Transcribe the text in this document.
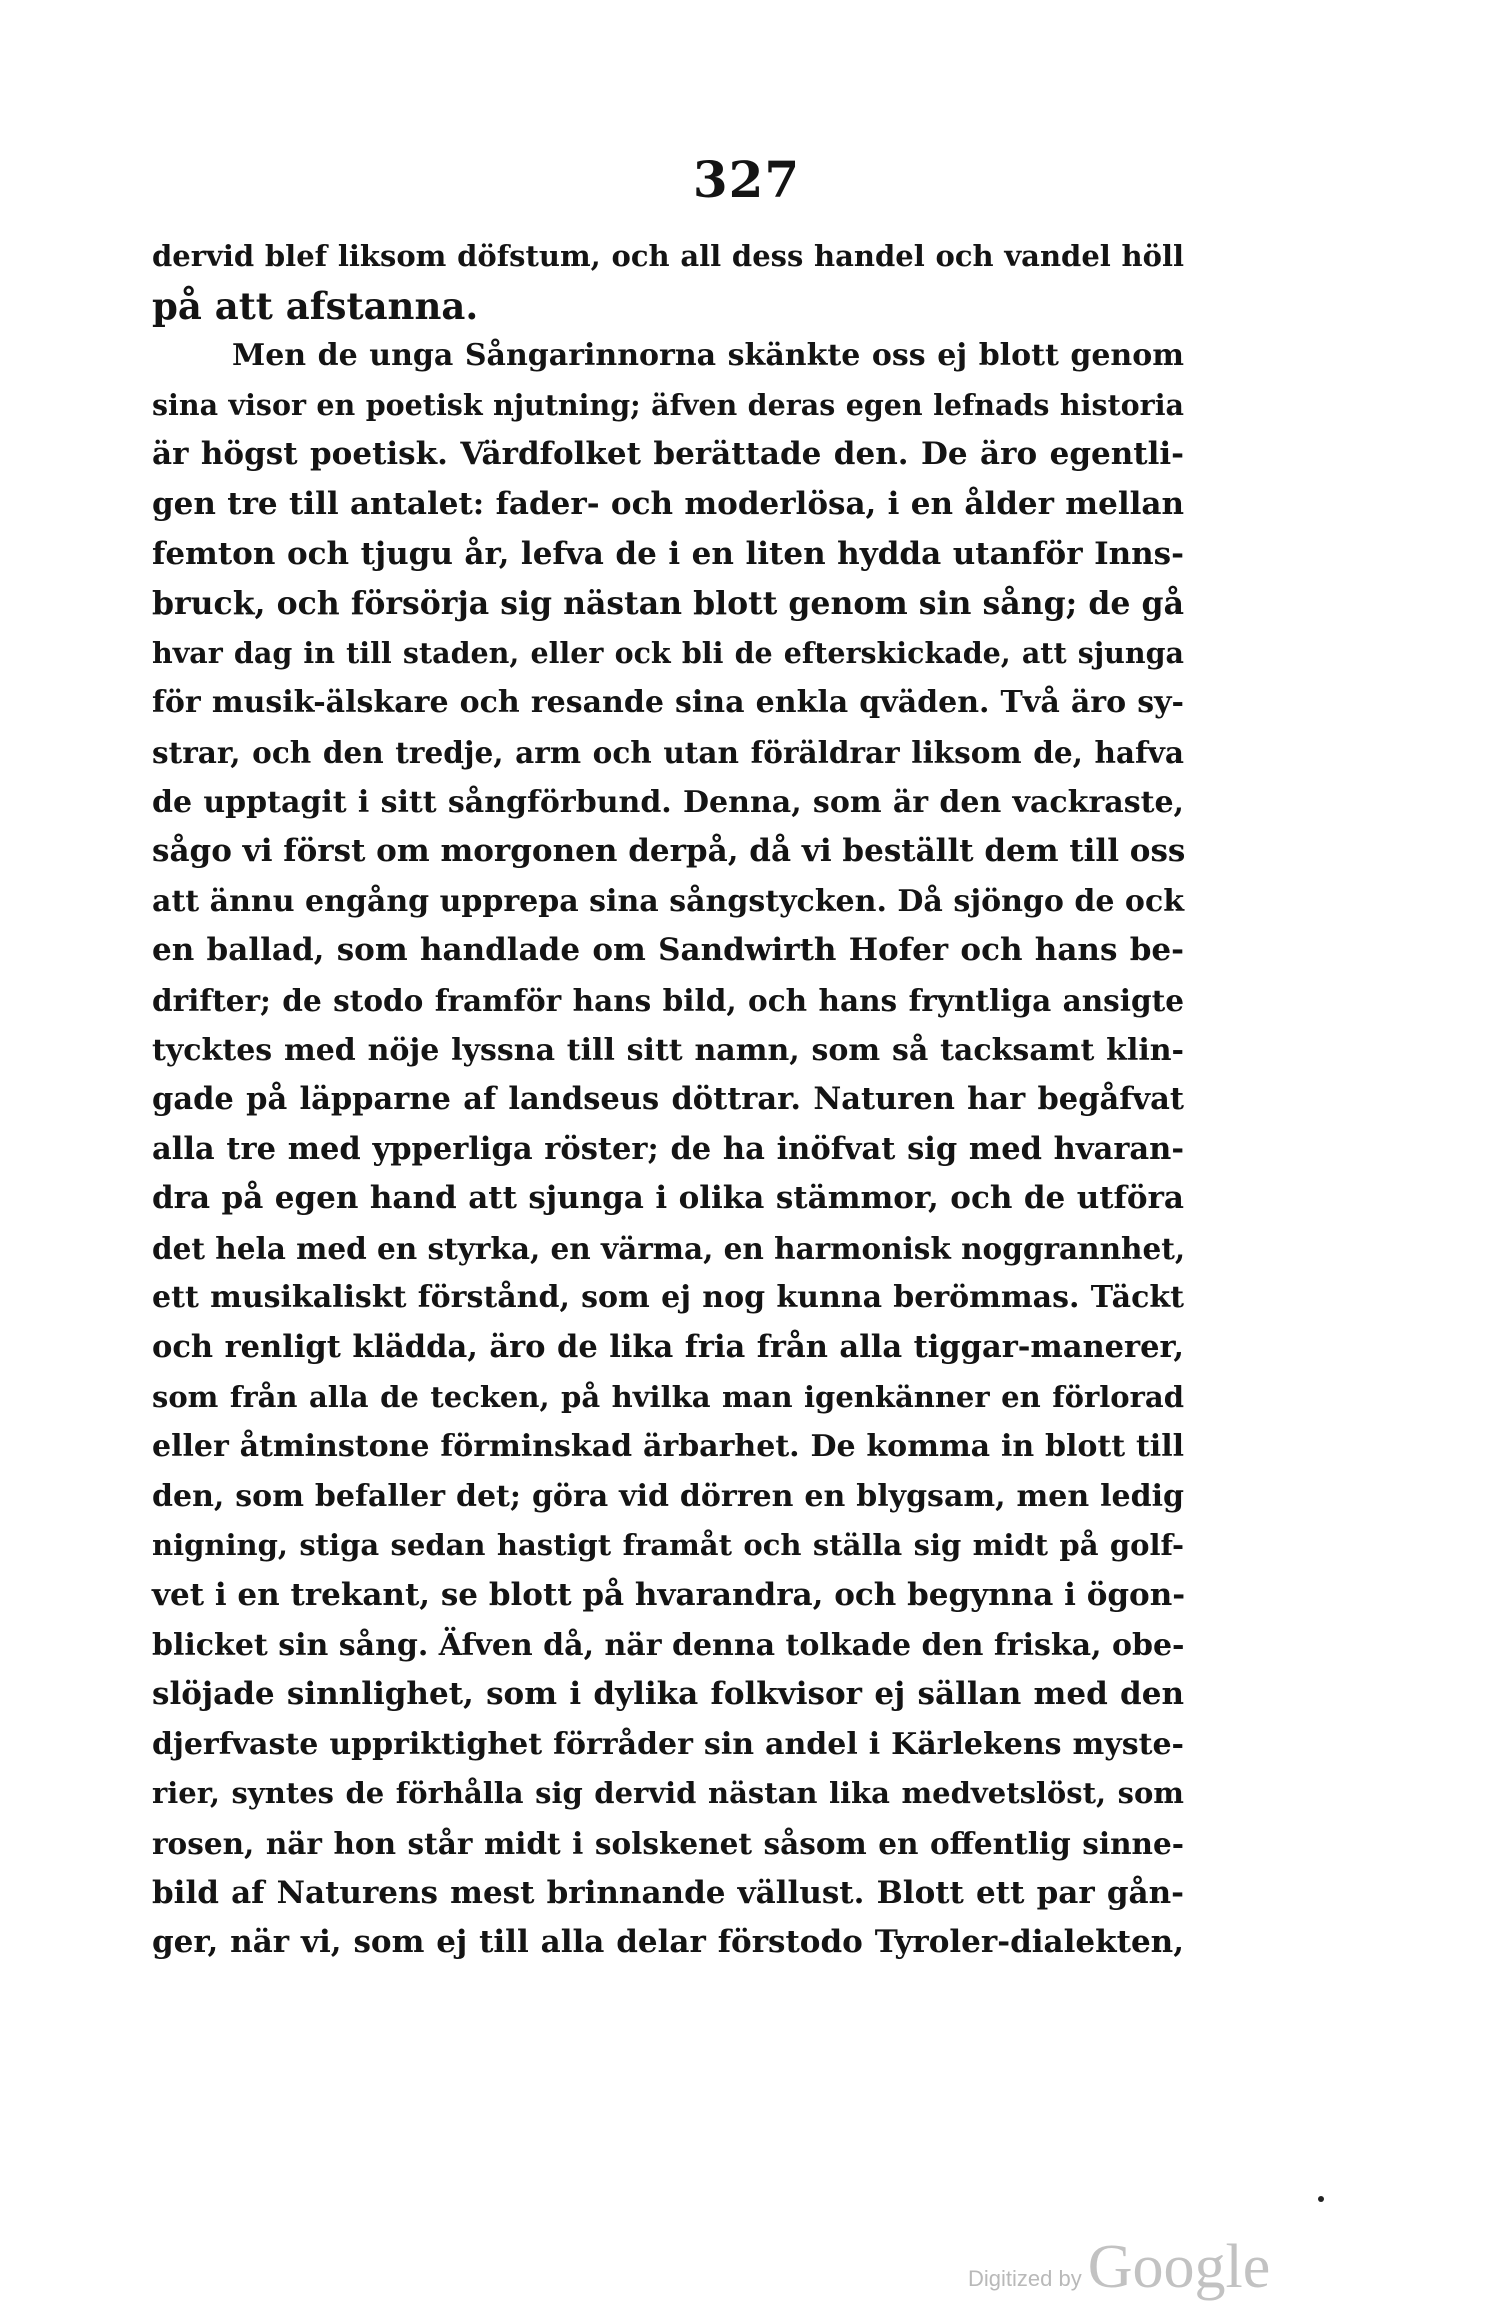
327
dervid blef liksom döfstum, och all dess handel och vandel höll
på att afstanna.
Men de unga Sångarinnorna skänkte oss ej blott genom
sina visor en poetisk njutning; äfven deras egen lefnads historia
är högst poetisk. Värdfolket berättade den. De äro egentli-
gen tre till antalet: fader- och moderlösa, i en ålder mellan
femton och tjugu år, lefva de i en liten hydda utanför Inns-
bruck, och försörja sig nästan blott genom sin sång; de gå
hvar dag in till staden, eller ock bli de efterskickade, att sjunga
för musik-älskare och resande sina enkla qväden. Två äro sy-
strar, och den tredje, arm och utan föräldrar liksom de, hafva
de upptagit i sitt sångförbund. Denna, som är den vackraste,
sågo vi först om morgonen derpå, då vi beställt dem till oss
att ännu engång upprepa sina sångstycken. Då sjöngo de ock
en ballad, som handlade om Sandwirth Hofer och hans be-
drifter; de stodo framför hans bild, och hans fryntliga ansigte
tycktes med nöje lyssna till sitt namn, som så tacksamt klin-
gade på läpparne af landseus döttrar. Naturen har begåfvat
alla tre med ypperliga röster; de ha inöfvat sig med hvaran-
dra på egen hand att sjunga i olika stämmor, och de utföra
det hela med en styrka, en värma, en harmonisk noggrannhet,
ett musikaliskt förstånd, som ej nog kunna berömmas. Täckt
och renligt klädda, äro de lika fria från alla tiggar-manerer,
som från alla de tecken, på hvilka man igenkänner en förlorad
eller åtminstone förminskad ärbarhet. De komma in blott till
den, som befaller det; göra vid dörren en blygsam, men ledig
nigning, stiga sedan hastigt framåt och ställa sig midt på golf-
vet i en trekant, se blott på hvarandra, och begynna i ögon-
blicket sin sång. Äfven då, när denna tolkade den friska, obe-
slöjade sinnlighet, som i dylika folkvisor ej sällan med den
djerfvaste uppriktighet förråder sin andel i Kärlekens myste-
rier, syntes de förhålla sig dervid nästan lika medvetslöst, som
rosen, när hon står midt i solskenet såsom en offentlig sinne-
bild af Naturens mest brinnande vällust. Blott ett par gån-
ger, när vi, som ej till alla delar förstodo Tyroler-dialekten,
Digitized by Google
